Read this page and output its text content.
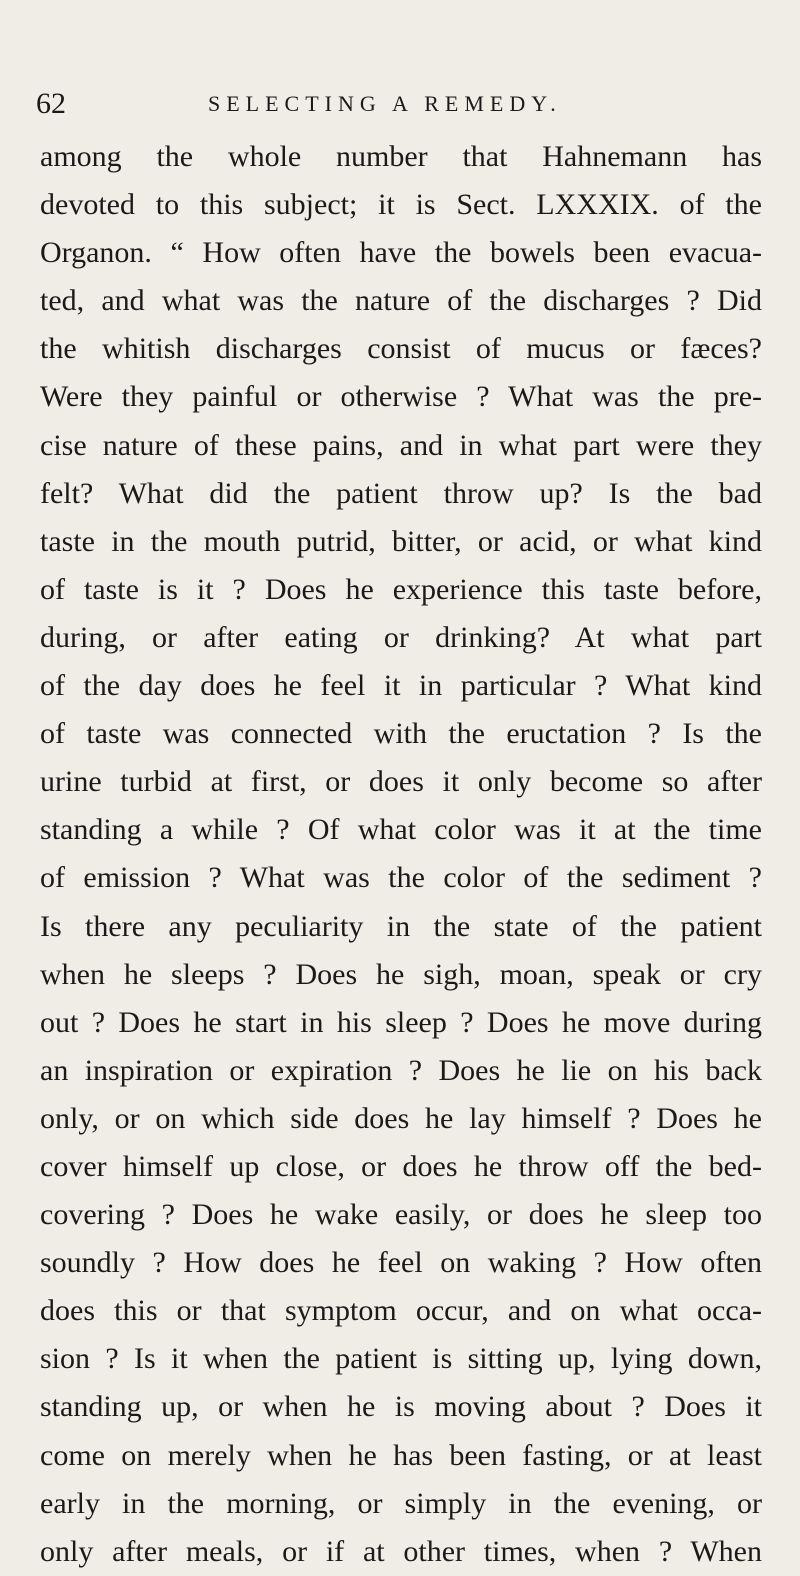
62	SELECTING A REMEDY.
among the whole number that Hahnemann has
devoted to this subject; it is Sect. LXXXIX. of the
Organon. “ How often have the bowels been evacua-
ted, and what was the nature of the discharges ? Did
the whitish discharges consist of mucus or fæces?
Were they painful or otherwise ? What was the pre-
cise nature of these pains, and in what part were they
felt? What did the patient throw up? Is the bad
taste in the mouth putrid, bitter, or acid, or what kind
of taste is it ? Does he experience this taste before,
during, or after eating or drinking? At what part
of the day does he feel it in particular ? What kind
of taste was connected with the eructation ? Is the
urine turbid at first, or does it only become so after
standing a while ? Of what color was it at the time
of emission ? What was the color of the sediment ?
Is there any peculiarity in the state of the patient
when he sleeps ? Does he sigh, moan, speak or cry
out ? Does he start in his sleep ? Does he move during
an inspiration or expiration ? Does he lie on his back
only, or on which side does he lay himself ? Does he
cover himself up close, or does he throw off the bed-
covering ? Does he wake easily, or does he sleep too
soundly ? How does he feel on waking ? How often
does this or that symptom occur, and on what occa-
sion ? Is it when the patient is sitting up, lying down,
standing up, or when he is moving about ? Does it
come on merely when he has been fasting, or at least
early in the morning, or simply in the evening, or
only after meals, or if at other times, when ? When
